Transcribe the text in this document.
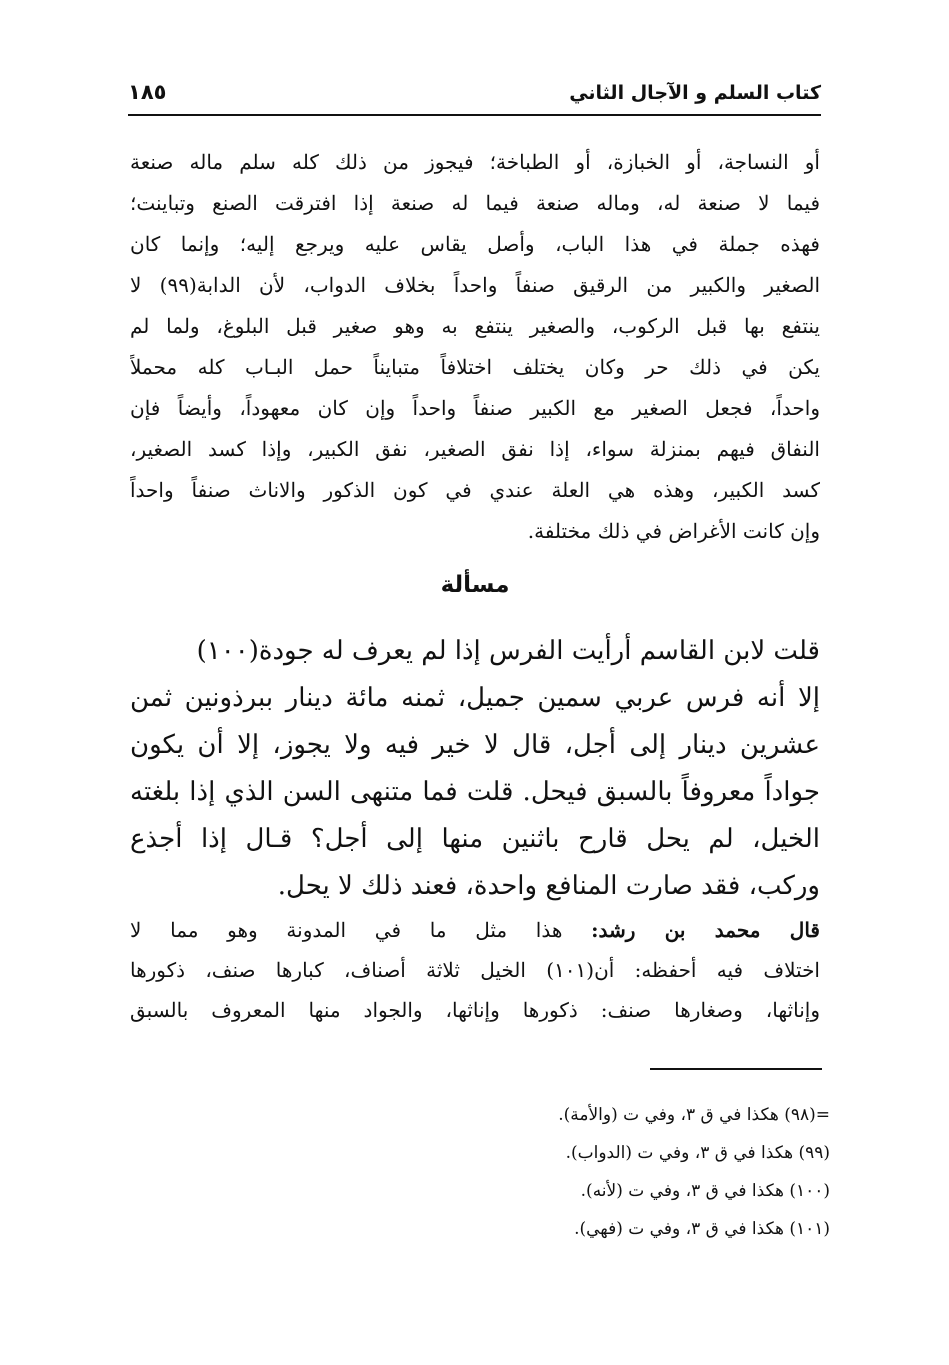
كتاب السلم و الآجال الثاني
١٨٥
أو النساجة، أو الخبازة، أو الطباخة؛ فيجوز من ذلك كله سلم ماله صنعة
فيما لا صنعة له، وماله صنعة فيما له صنعة إذا افترقت الصنع وتباينت؛
فهذه جملة في هذا الباب، وأصل يقاس عليه ويرجع إليه؛ وإنما كان
الصغير والكبير من الرقيق صنفاً واحداً بخلاف الدواب، لأن الدابة(٩٩) لا
ينتفع بها قبل الركوب، والصغير ينتفع به وهو صغير قبل البلوغ، ولما لم
يكن في ذلك حر وكان يختلف اختلافاً متبايناً حمل البـاب كله محملاً
واحداً، فجعل الصغير مع الكبير صنفاً واحداً وإن كان معهوداً، وأيضاً فإن
النفاق فيهم بمنزلة سواء، إذا نفق الصغير، نفق الكبير، وإذا كسد الصغير،
كسد الكبير، وهذه هي العلة عندي في كون الذكور والاناث صنفاً واحداً
وإن كانت الأغراض في ذلك مختلفة.
مسألة
قلت لابن القاسم أرأيت الفرس إذا لم يعرف له جودة(١٠٠)
إلا أنه فرس عربي سمين جميل، ثمنه مائة دينار ببرذونين ثمن
عشرين دينار إلى أجل، قال لا خير فيه ولا يجوز، إلا أن يكون
جواداً معروفاً بالسبق فيحل. قلت فما متنهى السن الذي إذا بلغته
الخيل، لم يحل قارح باثنين منها إلى أجل؟ قـال إذا أجذع
وركب، فقد صارت المنافع واحدة، فعند ذلك لا يحل.
قال محمد بن رشد: هذا مثل ما في المدونة وهو مما لا
اختلاف فيه أحفظه: أن(١٠١) الخيل ثلاثة أصناف، كبارها صنف، ذكورها
وإناثها، وصغارها صنف: ذكورها وإناثها، والجواد منها المعروف بالسبق
=(٩٨) هكذا في ق ٣، وفي ت (والأمة).
(٩٩) هكذا في ق ٣، وفي ت (الدواب).
(١٠٠) هكذا في ق ٣، وفي ت (لأنه).
(١٠١) هكذا في ق ٣، وفي ت (فهي).
